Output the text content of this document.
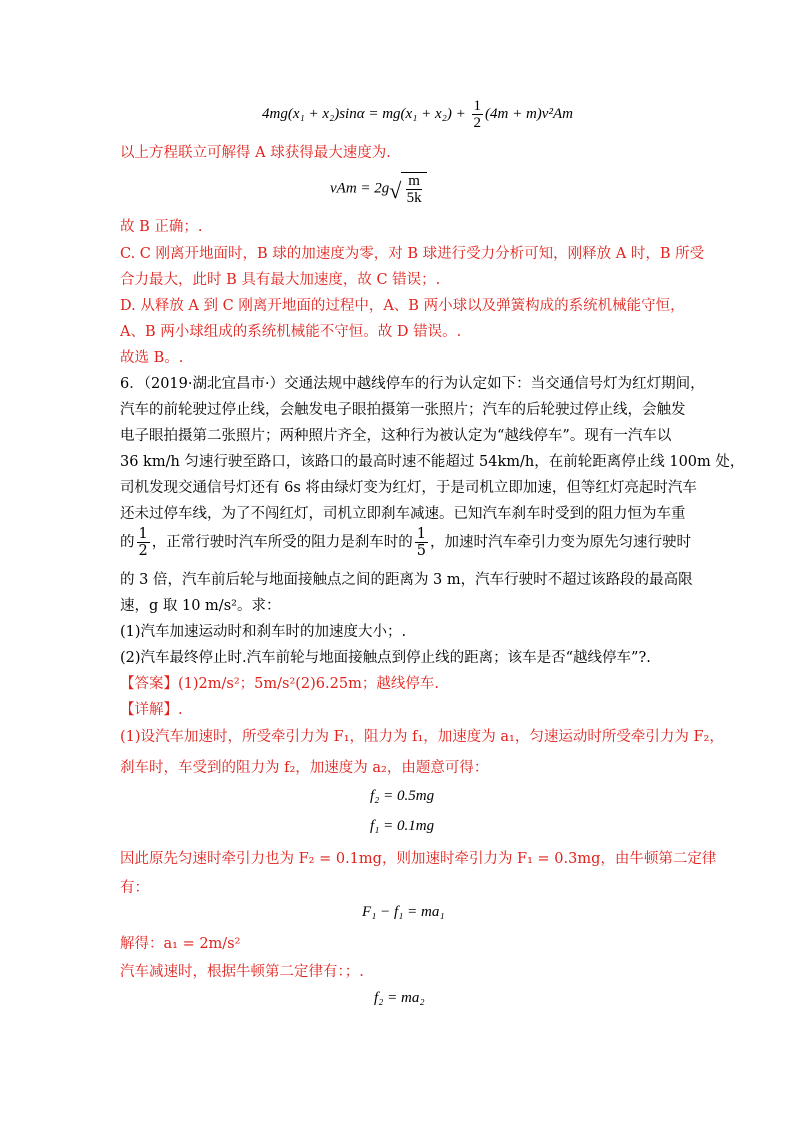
$4mg(x_1 + x_2)\sin\alpha = mg(x_1 + x_2) + \frac{1}{2} (4m + m)v^2Am$
以上方程联立可解得 A 球获得最大速度为.
vAm = 2g
√ $\frac{m}{5k}$
故 B 正确；.
C. C 刚离开地面时，B 球的加速度为零，对 B 球进行受力分析可知，刚释放 A 时，B 所受
合力最大，此时 B 具有最大加速度，故 C 错误；.
D. 从释放 A 到 C 刚离开地面的过程中，A、B 两小球以及弹簧构成的系统机械能守恒，
A、B 两小球组成的系统机械能不守恒。故 D 错误。.
故选 B。.
6．（2019·湖北宜昌市·）交通法规中越线停车的行为认定如下：当交通信号灯为红灯期间，
汽车的前轮驶过停止线，会触发电子眼拍摄第一张照片；汽车的后轮驶过停止线，会触发
电子眼拍摄第二张照片；两种照片齐全，这种行为被认定为“越线停车”。现有一汽车以
36 km/h 匀速行驶至路口，该路口的最高时速不能超过 54km/h，在前轮距离停止线 100m 处，
司机发现交通信号灯还有 6s 将由绿灯变为红灯，于是司机立即加速，但等红灯亮起时汽车
还未过停车线，为了不闯红灯，司机立即刹车减速。已知汽车刹车时受到的阻力恒为车重
的 $\frac{1}{2}$ ，正常行驶时汽车所受的阻力是刹车时的 $\frac{1}{5}$ ，加速时汽车牵引力变为原先匀速行驶时
的 3 倍，汽车前后轮与地面接触点之间的距离为 3 m，汽车行驶时不超过该路段的最高限
速，g 取 10 m/s²。求：
(1)汽车加速运动时和刹车时的加速度大小；.
(2)汽车最终停止时.汽车前轮与地面接触点到停止线的距离；该车是否“越线停车”?.
【答案】(1)2m/s²；5m/s²(2)6.25m；越线停车.
【详解】.
(1)设汽车加速时，所受牵引力为 F₁，阻力为 f₁，加速度为 a₁，匀速运动时所受牵引力为 F₂，
刹车时，车受到的阻力为 f₂，加速度为 a₂，由题意可得：
f₂ = 0.5mg
f₁ = 0.1mg
因此原先匀速时牵引力也为 F₂ = 0.1mg，则加速时牵引力为 F₁ = 0.3mg，由牛顿第二定律
有：
F₁ − f₁ = ma₁
解得：a₁ = 2m/s²
汽车减速时，根据牛顿第二定律有：；.
f₂ = ma₂
